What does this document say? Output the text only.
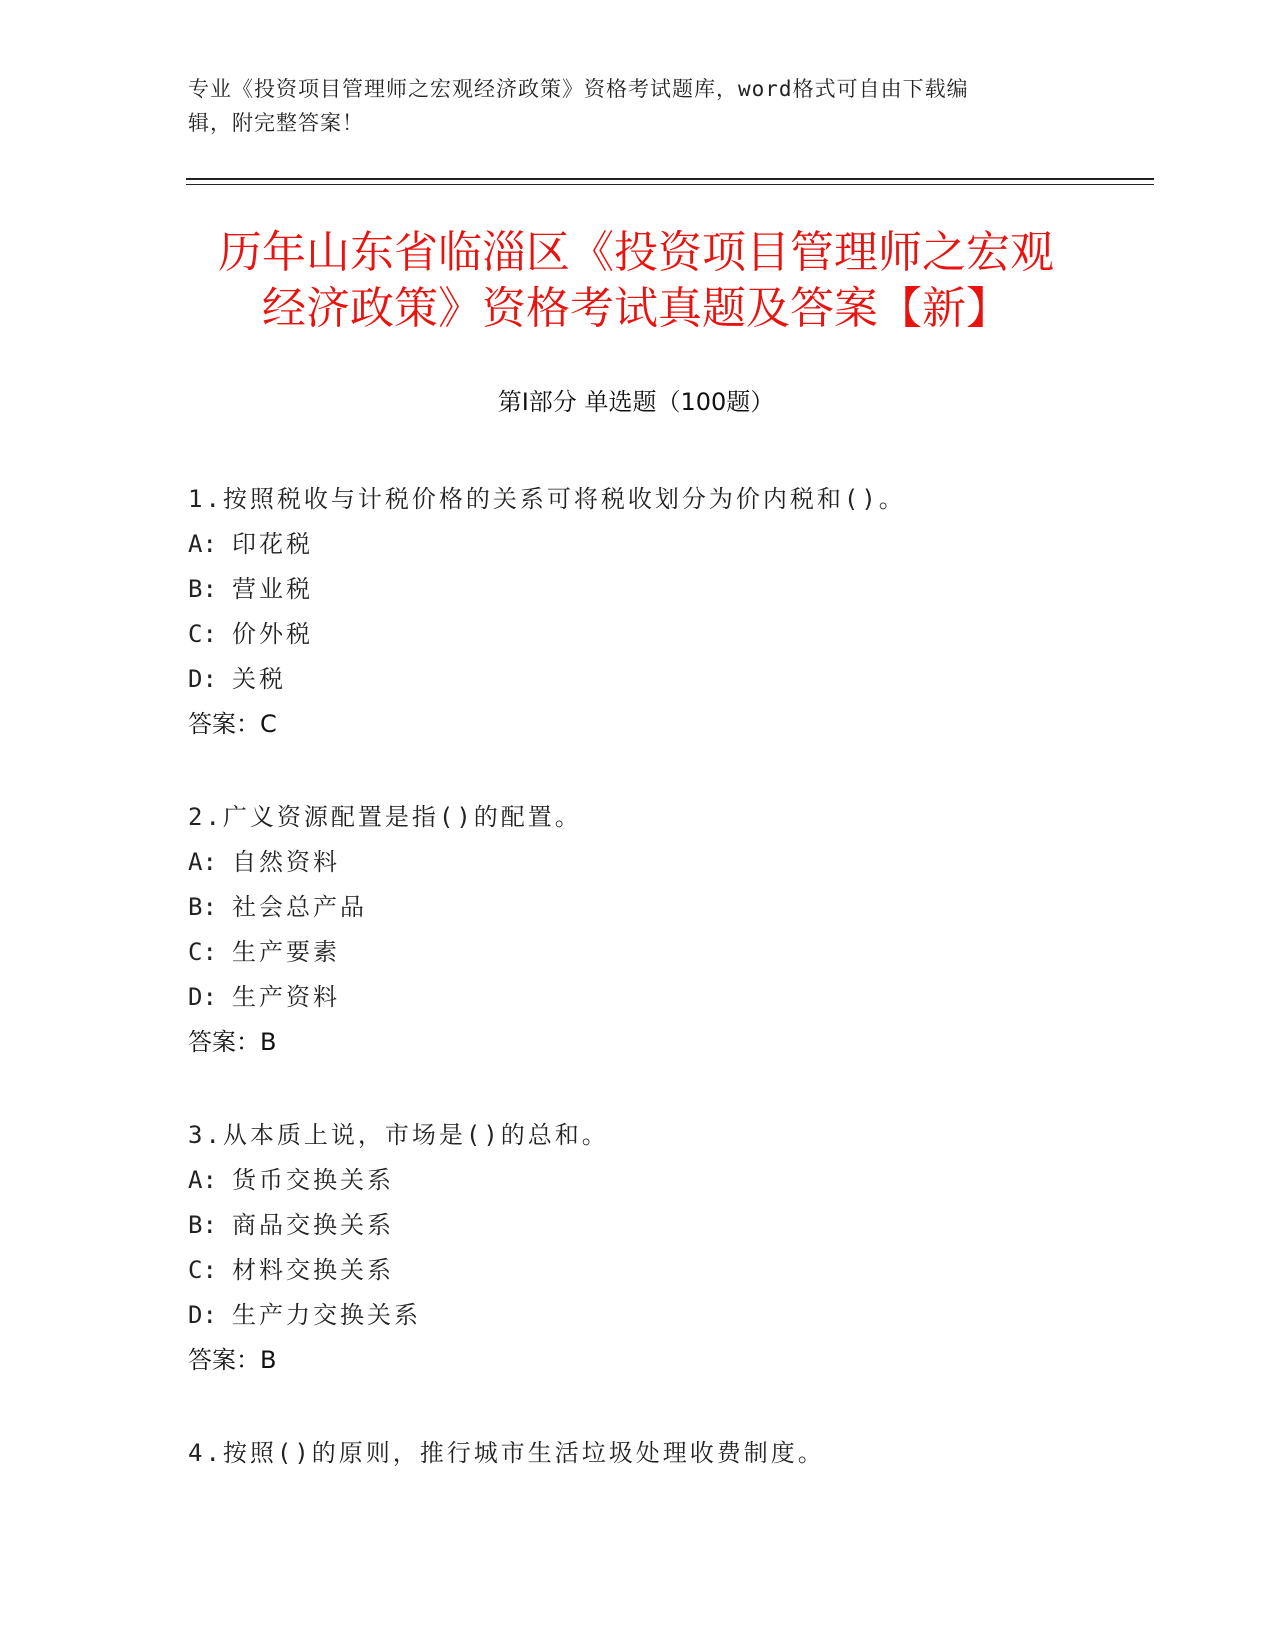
专业《投资项目管理师之宏观经济政策》资格考试题库，word格式可自由下载编
辑，附完整答案！
历年山东省临淄区《投资项目管理师之宏观
经济政策》资格考试真题及答案【新】
第Ⅰ部分 单选题（100题）
1.按照税收与计税价格的关系可将税收划分为价内税和()。
A: 印花税
B: 营业税
C: 价外税
D: 关税
答案：C
2.广义资源配置是指()的配置。
A: 自然资料
B: 社会总产品
C: 生产要素
D: 生产资料
答案：B
3.从本质上说，市场是()的总和。
A: 货币交换关系
B: 商品交换关系
C: 材料交换关系
D: 生产力交换关系
答案：B
4.按照()的原则，推行城市生活垃圾处理收费制度。
